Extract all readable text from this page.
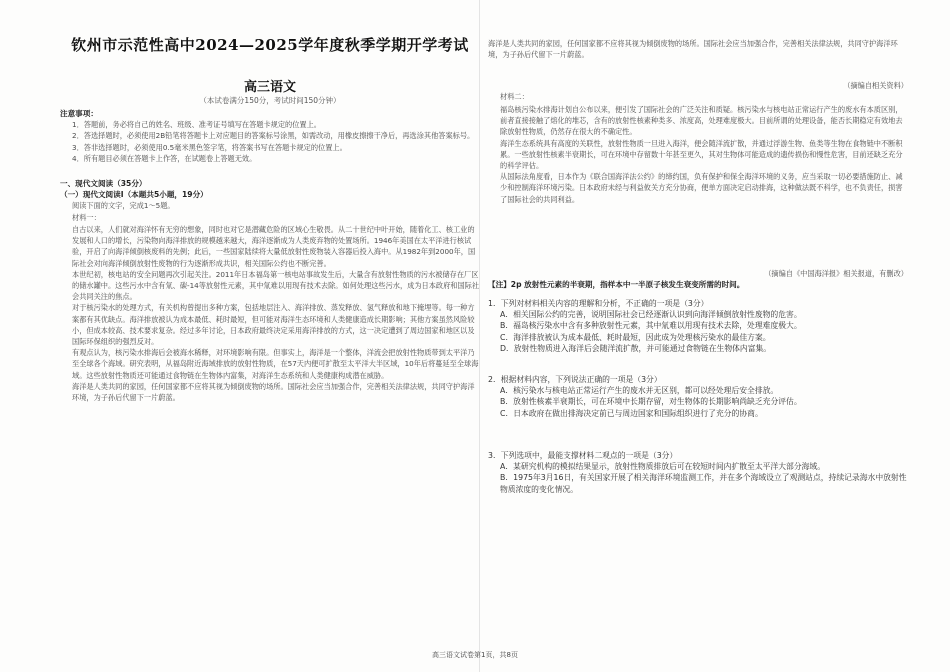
钦州市示范性高中2024—2025学年度秋季学期开学考试
高三语文
（本试卷满分150分，考试时间150分钟）
注意事项：
1．答题前，务必将自己的姓名、班级、准考证号填写在答题卡规定的位置上。
2．答选择题时，必须使用2B铅笔将答题卡上对应题目的答案标号涂黑，如需改动，用橡皮擦擦干净后，再选涂其他答案标号。
3．答非选择题时，必须使用0.5毫米黑色签字笔，将答案书写在答题卡规定的位置上。
4．所有题目必须在答题卡上作答，在试题卷上答题无效。
一、现代文阅读（35分）
（一）现代文阅读Ⅰ（本题共5小题，19分）
阅读下面的文字，完成1～5题。
材料一：
自古以来，人们就对海洋怀有无穷的想象，同时也对它是潜藏危险的区域心生敬畏。从二十世纪中叶开始，随着化工、核工业的发展和人口的增长，污染物向海洋排放的规模越来越大，海洋逐渐成为人类废弃物的处置场所。1946年美国在太平洋进行核试验，开启了向海洋倾倒核废料的先例；此后，一些国家陆续将大量低放射性废物装入容器后投入海中。从1982年到2000年，国际社会对向海洋倾倒放射性废物的行为逐渐形成共识，相关国际公约也不断完善。
本世纪初，核电站的安全问题再次引起关注。2011年日本福岛第一核电站事故发生后，大量含有放射性物质的污水被储存在厂区的储水罐中。这些污水中含有氚、碳-14等放射性元素，其中氚难以用现有技术去除。如何处理这些污水，成为日本政府和国际社会共同关注的焦点。
对于核污染水的处理方式，有关机构曾提出多种方案，包括地层注入、海洋排放、蒸发释放、氢气释放和地下掩埋等。每一种方案都有其优缺点。海洋排放被认为成本最低、耗时最短，但可能对海洋生态环境和人类健康造成长期影响；其他方案虽然风险较小，但成本较高、技术要求复杂。经过多年讨论，日本政府最终决定采用海洋排放的方式，这一决定遭到了周边国家和地区以及国际环保组织的强烈反对。
有观点认为，核污染水排海后会被海水稀释，对环境影响有限。但事实上，海洋是一个整体，洋流会把放射性物质带到太平洋乃至全球各个海域。研究表明，从福岛附近海域排放的放射性物质，在57天内便可扩散至太平洋大半区域，10年后将蔓延至全球海域。这些放射性物质还可能通过食物链在生物体内富集，对海洋生态系统和人类健康构成潜在威胁。
海洋是人类共同的家园，任何国家都不应将其视为倾倒废物的场所。国际社会应当加强合作，完善相关法律法规，共同守护海洋环境，为子孙后代留下一片蔚蓝。
海洋是人类共同的家园，任何国家都不应将其视为倾倒废物的场所。国际社会应当加强合作，完善相关法律法规，共同守护海洋环境，为子孙后代留下一片蔚蓝。
（摘编自相关资料）
材料二：
福岛核污染水排海计划自公布以来，便引发了国际社会的广泛关注和质疑。核污染水与核电站正常运行产生的废水有本质区别，前者直接接触了熔化的堆芯，含有的放射性核素种类多、浓度高，处理难度极大。目前所谓的处理设备，能否长期稳定有效地去除放射性物质，仍然存在很大的不确定性。
海洋生态系统具有高度的关联性，放射性物质一旦进入海洋，便会随洋流扩散，并通过浮游生物、鱼类等生物在食物链中不断积累。一些放射性核素半衰期长，可在环境中存留数十年甚至更久，其对生物体可能造成的遗传损伤和慢性危害，目前还缺乏充分的科学评估。
从国际法角度看，日本作为《联合国海洋法公约》的缔约国，负有保护和保全海洋环境的义务，应当采取一切必要措施防止、减少和控制海洋环境污染。日本政府未经与利益攸关方充分协商，便单方面决定启动排海，这种做法既不科学，也不负责任，损害了国际社会的共同利益。
（摘编自《中国海洋报》相关报道，有删改）
【注】2p 放射性元素的半衰期，指样本中一半原子核发生衰变所需的时间。
1．下列对材料相关内容的理解和分析，不正确的一项是（3分）
A．相关国际公约的完善，说明国际社会已经逐渐认识到向海洋倾倒放射性废物的危害。
B．福岛核污染水中含有多种放射性元素，其中氚难以用现有技术去除，处理难度极大。
C．海洋排放被认为成本最低、耗时最短，因此成为处理核污染水的最佳方案。
D．放射性物质进入海洋后会随洋流扩散，并可能通过食物链在生物体内富集。
2．根据材料内容，下列说法正确的一项是（3分）
A．核污染水与核电站正常运行产生的废水并无区别，都可以经处理后安全排放。
B．放射性核素半衰期长，可在环境中长期存留，对生物体的长期影响尚缺乏充分评估。
C．日本政府在做出排海决定前已与周边国家和国际组织进行了充分的协商。
3．下列选项中，最能支撑材料二观点的一项是（3分）
A．某研究机构的模拟结果显示，放射性物质排放后可在较短时间内扩散至太平洋大部分海域。
B．1975年3月16日，有关国家开展了相关海洋环境监测工作，并在多个海域设立了观测站点，持续记录海水中放射性物质浓度的变化情况。
高三语文试卷第1页，共8页
